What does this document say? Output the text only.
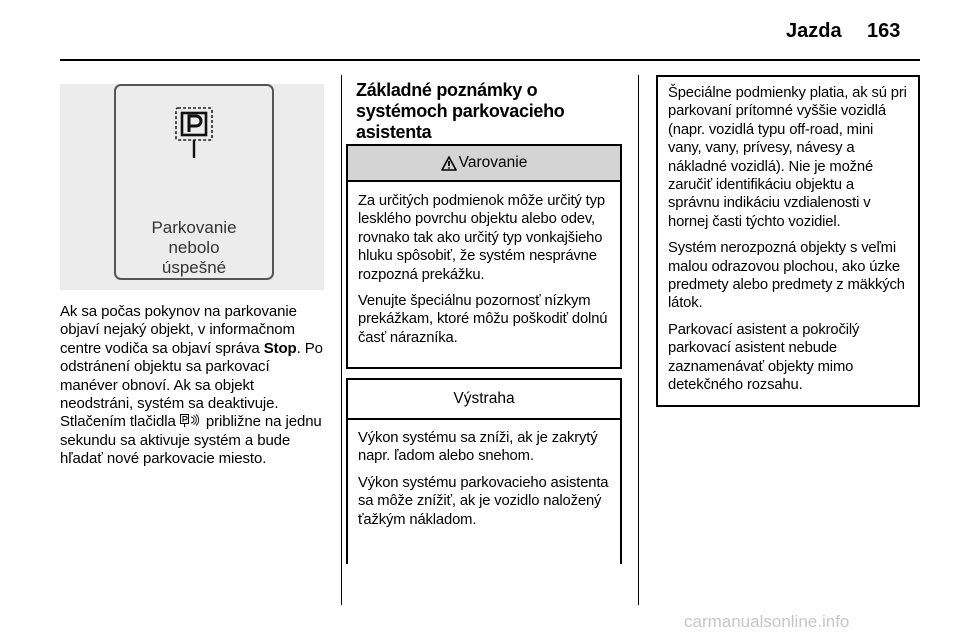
Jazda 163
Parkovanie
nebolo
úspešné
Ak sa počas pokynov na parkovanie objaví nejaký objekt, v informačnom centre vodiča sa objaví správa Stop. Po odstránení objektu sa parkovací manéver obnoví. Ak sa objekt neodstráni, systém sa deaktivuje. Stlačením tlačidla  približne na jednu sekundu sa aktivuje systém a bude hľadať nové parkovacie miesto.
Základné poznámky o systémoch parkovacieho asistenta
Varovanie

Za určitých podmienok môže určitý typ lesklého povrchu objektu alebo odev, rovnako tak ako určitý typ vonkajšieho hluku spôsobiť, že systém nesprávne rozpozná prekážku.

Venujte špeciálnu pozornosť nízkym prekážkam, ktoré môžu poškodiť dolnú časť nárazníka.

Výstraha

Výkon systému sa zníži, ak je zakrytý napr. ľadom alebo snehom.

Výkon systému parkovacieho asistenta sa môže znížiť, ak je vozidlo naložený ťažkým nákladom.

Špeciálne podmienky platia, ak sú pri parkovaní prítomné vyššie vozidlá (napr. vozidlá typu off-road, mini vany, vany, prívesy, návesy a nákladné vozidlá). Nie je možné zaručiť identifikáciu objektu a správnu indikáciu vzdialenosti v hornej časti týchto vozidiel.

Systém nerozpozná objekty s veľmi malou odrazovou plochou, ako úzke predmety alebo predmety z mäkkých látok.

Parkovací asistent a pokročilý parkovací asistent nebude zaznamenávať objekty mimo detekčného rozsahu.

carmanualsonline.info
